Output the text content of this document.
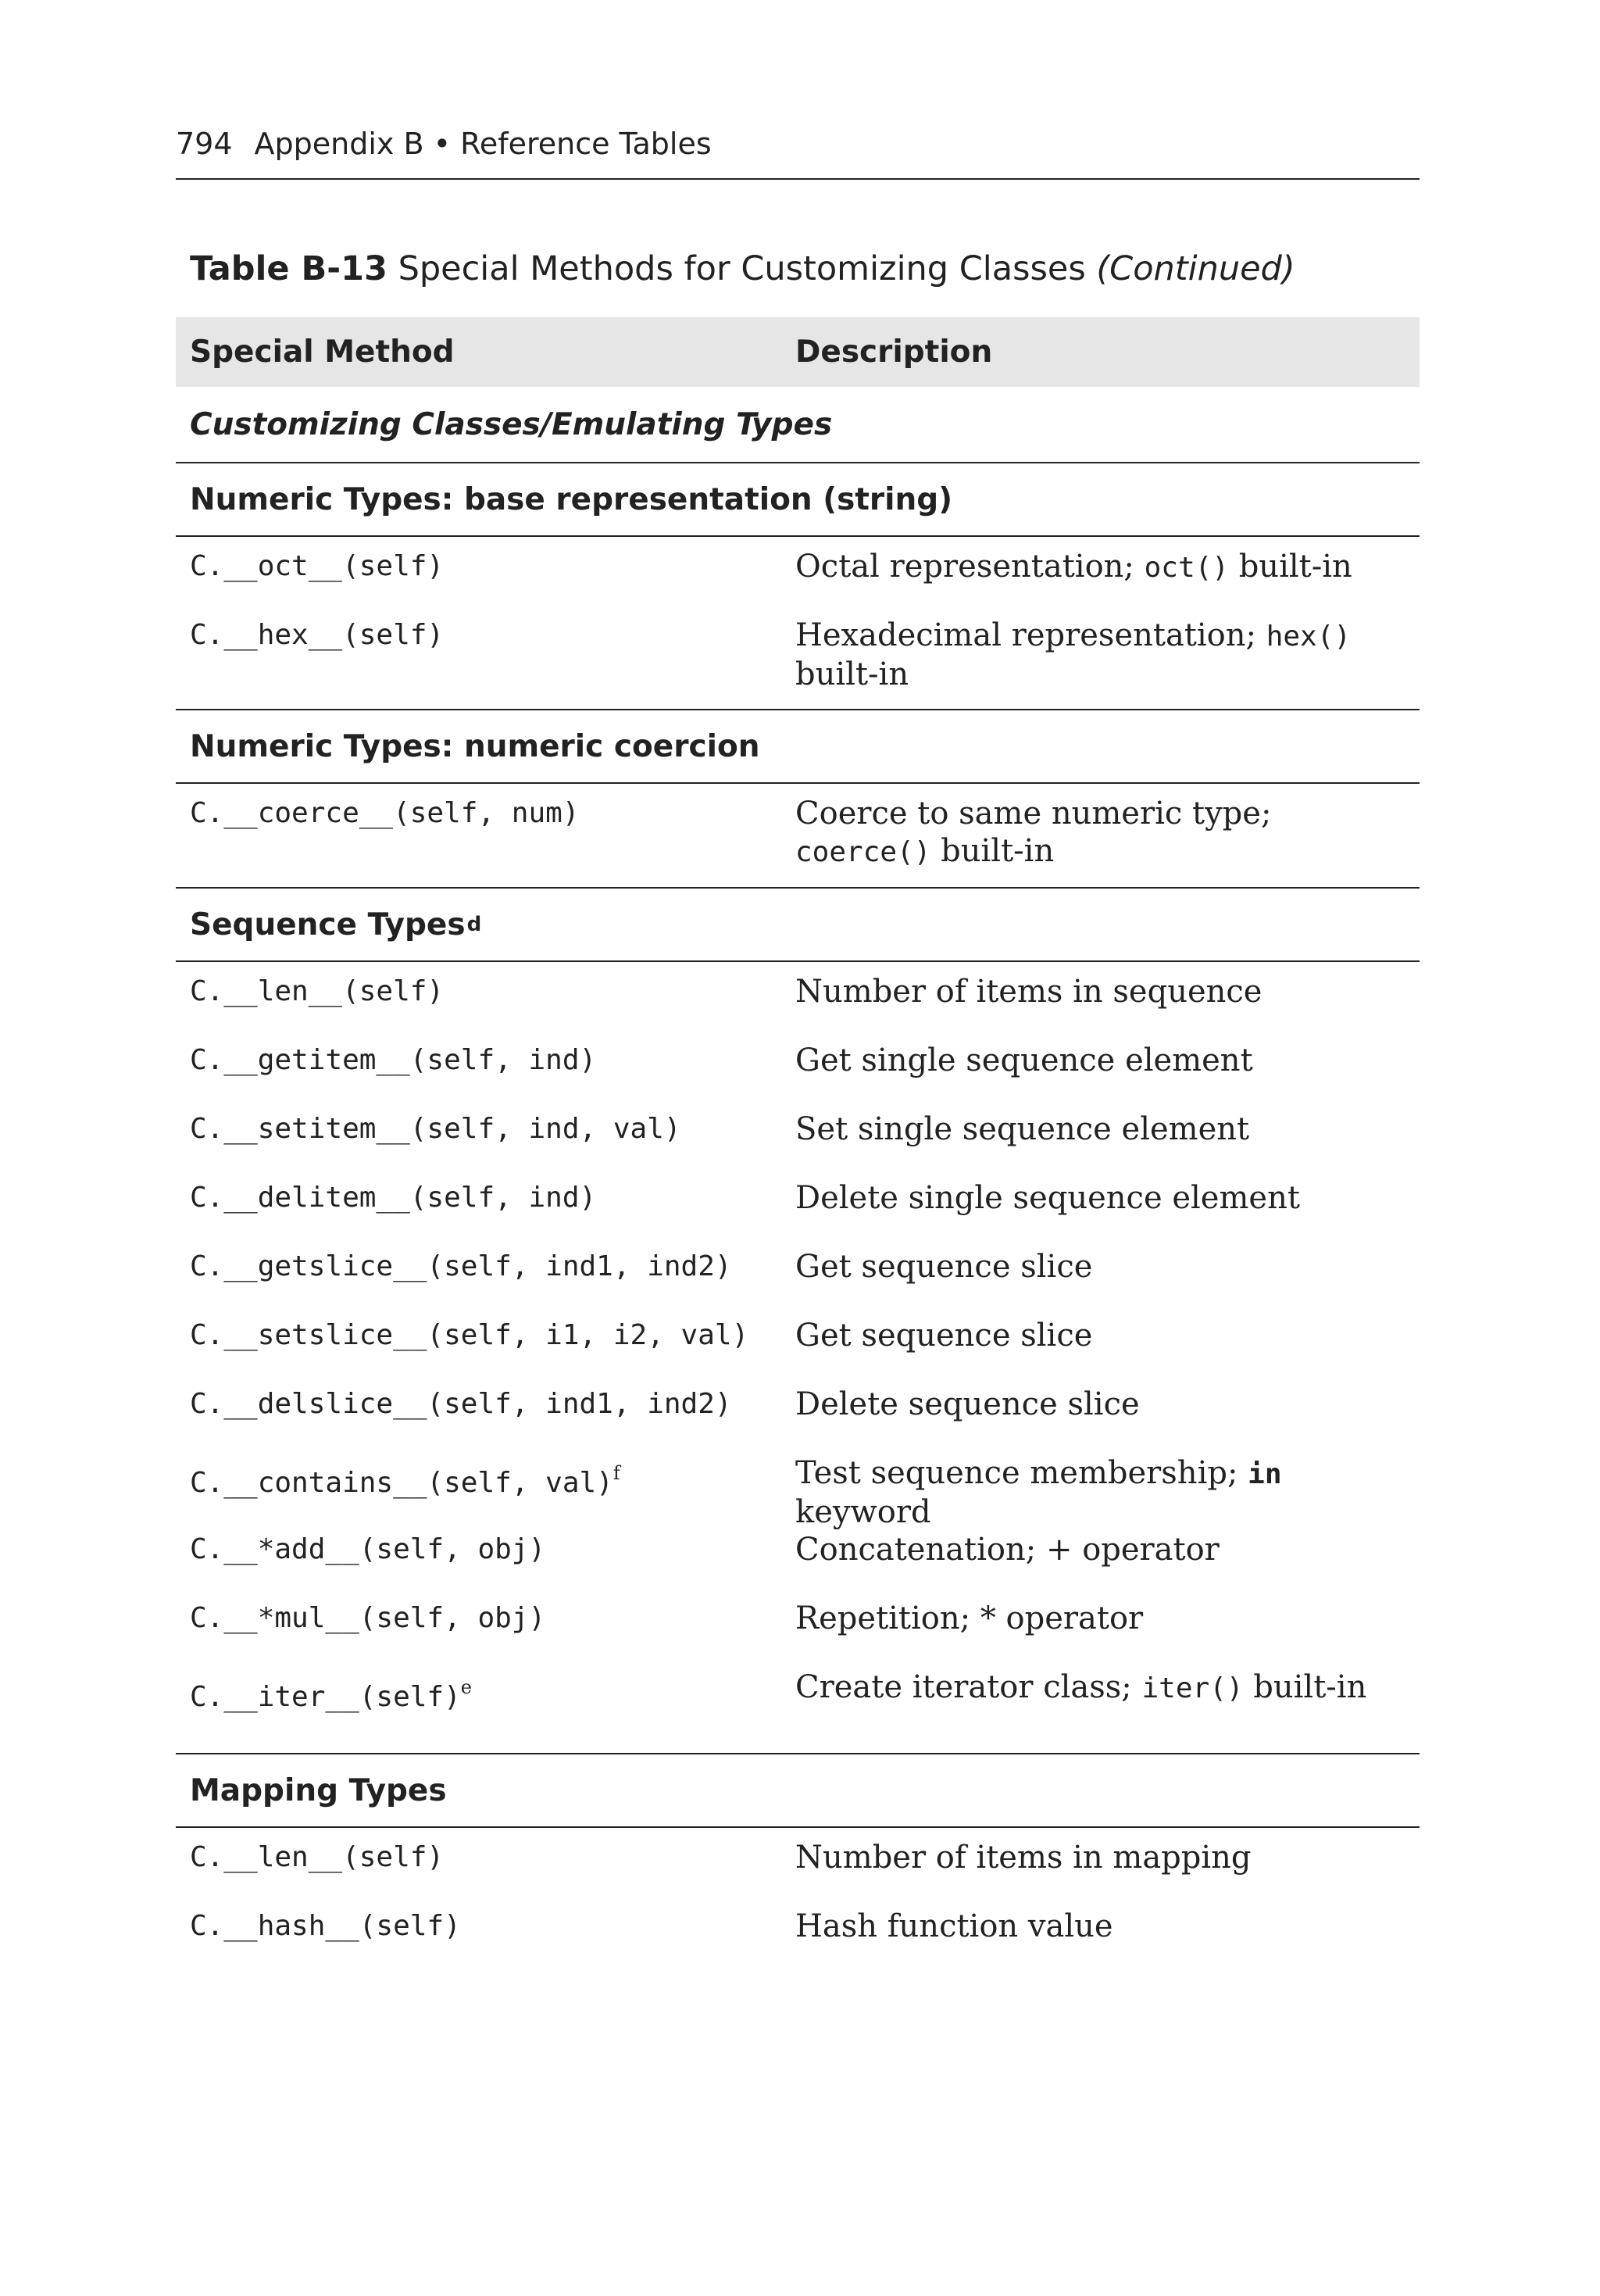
794 Appendix B • Reference Tables
Table B-13 Special Methods for Customizing Classes (Continued)
Special Method	Description
Customizing Classes/Emulating Types
Numeric Types: base representation (string)
C.__oct__(self)	Octal representation; oct() built-in
C.__hex__(self)	Hexadecimal representation; hex() built-in
Numeric Types: numeric coercion
C.__coerce__(self, num)	Coerce to same numeric type; coerce() built-in
Sequence Types d
C.__len__(self)	Number of items in sequence
C.__getitem__(self, ind)	Get single sequence element
C.__setitem__(self, ind, val)	Set single sequence element
C.__delitem__(self, ind)	Delete single sequence element
C.__getslice__(self, ind1, ind2)	Get sequence slice
C.__setslice__(self, i1, i2, val)	Get sequence slice
C.__delslice__(self, ind1, ind2)	Delete sequence slice
C.__contains__(self, val)$^f$	Test sequence membership; in keyword
C.__*add__(self, obj)	Concatenation; + operator
C.__*mul__(self, obj)	Repetition; * operator
C.__iter__(self)$^e$	Create iterator class; iter() built-in
Mapping Types
C.__len__(self)	Number of items in mapping
C.__hash__(self)	Hash function value
